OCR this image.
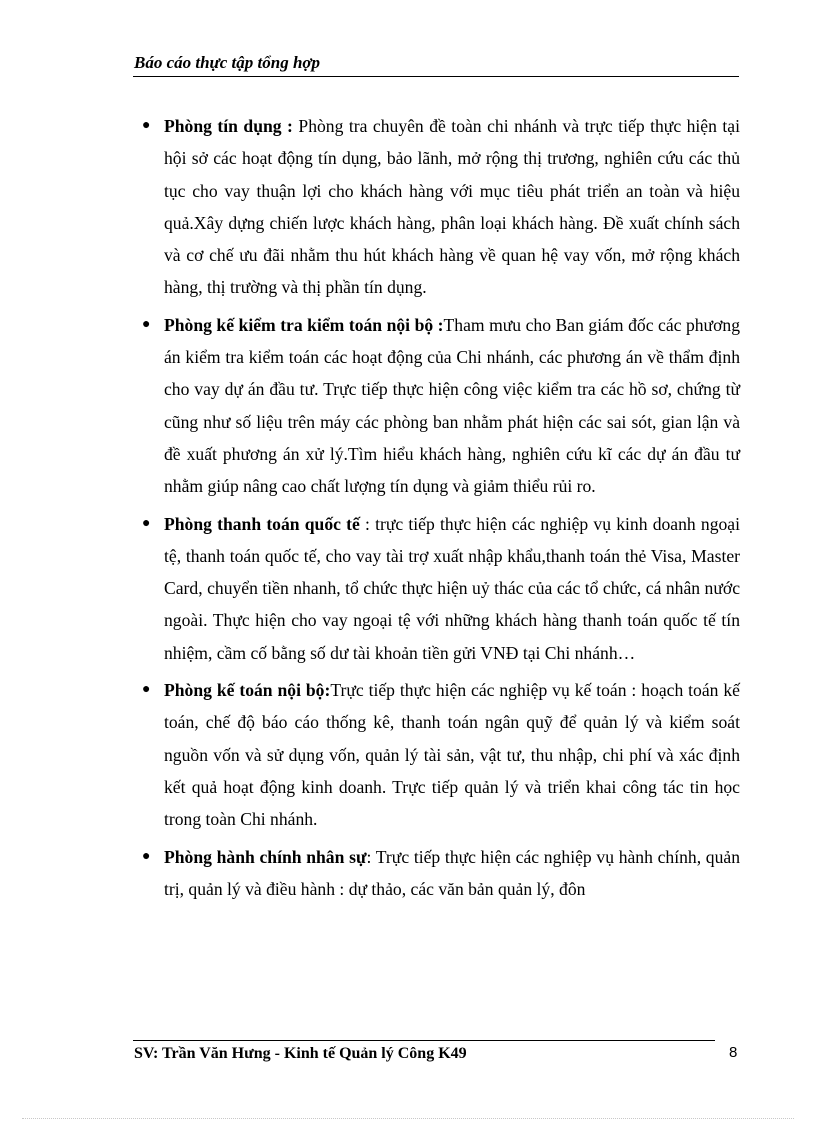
Báo cáo thực tập tổng hợp
● Phòng tín dụng : Phòng tra chuyên đề toàn chi nhánh và trực tiếp thực hiện tại hội sở các hoạt động tín dụng, bảo lãnh, mở rộng thị trương, nghiên cứu các thủ tục cho vay thuận lợi cho khách hàng với mục tiêu phát triển an toàn và hiệu quả.Xây dựng chiến lược khách hàng, phân loại khách hàng. Đề xuất chính sách và cơ chế ưu đãi nhằm thu hút khách hàng về quan hệ vay vốn, mở rộng khách hàng, thị trường và thị phần tín dụng.
● Phòng kế kiểm tra kiểm toán nội bộ :Tham mưu cho Ban giám đốc các phương án kiểm tra kiểm toán các hoạt động của Chi nhánh, các phương án về thẩm định cho vay dự án đầu tư. Trực tiếp thực hiện công việc kiểm tra các hồ sơ, chứng từ cũng như số liệu trên máy các phòng ban nhằm phát hiện các sai sót, gian lận và đề xuất phương án xử lý.Tìm hiểu khách hàng, nghiên cứu kĩ các dự án đầu tư nhằm giúp nâng cao chất lượng tín dụng và giảm thiểu rủi ro.
● Phòng thanh toán quốc tế : trực tiếp thực hiện các nghiệp vụ kinh doanh ngoại tệ, thanh toán quốc tế, cho vay tài trợ xuất nhập khẩu,thanh toán thẻ Visa, Master Card, chuyển tiền nhanh, tổ chức thực hiện uỷ thác của các tổ chức, cá nhân nước ngoài. Thực hiện cho vay ngoại tệ với những khách hàng thanh toán quốc tế tín nhiệm, cầm cố bằng số dư tài khoản tiền gửi VNĐ tại Chi nhánh…
● Phòng kế toán nội bộ:Trực tiếp thực hiện các nghiệp vụ kế toán : hoạch toán kế toán, chế độ báo cáo thống kê, thanh toán ngân quỹ để quản lý và kiểm soát nguồn vốn và sử dụng vốn, quản lý tài sản, vật tư, thu nhập, chi phí và xác định kết quả hoạt động kinh doanh. Trực tiếp quản lý và triển khai công tác tin học trong toàn Chi nhánh.
● Phòng hành chính nhân sự: Trực tiếp thực hiện các nghiệp vụ hành chính, quản trị, quản lý và điều hành : dự thảo, các văn bản quản lý, đôn
SV: Trần Văn Hưng - Kinh tế Quản lý Công K49	8
